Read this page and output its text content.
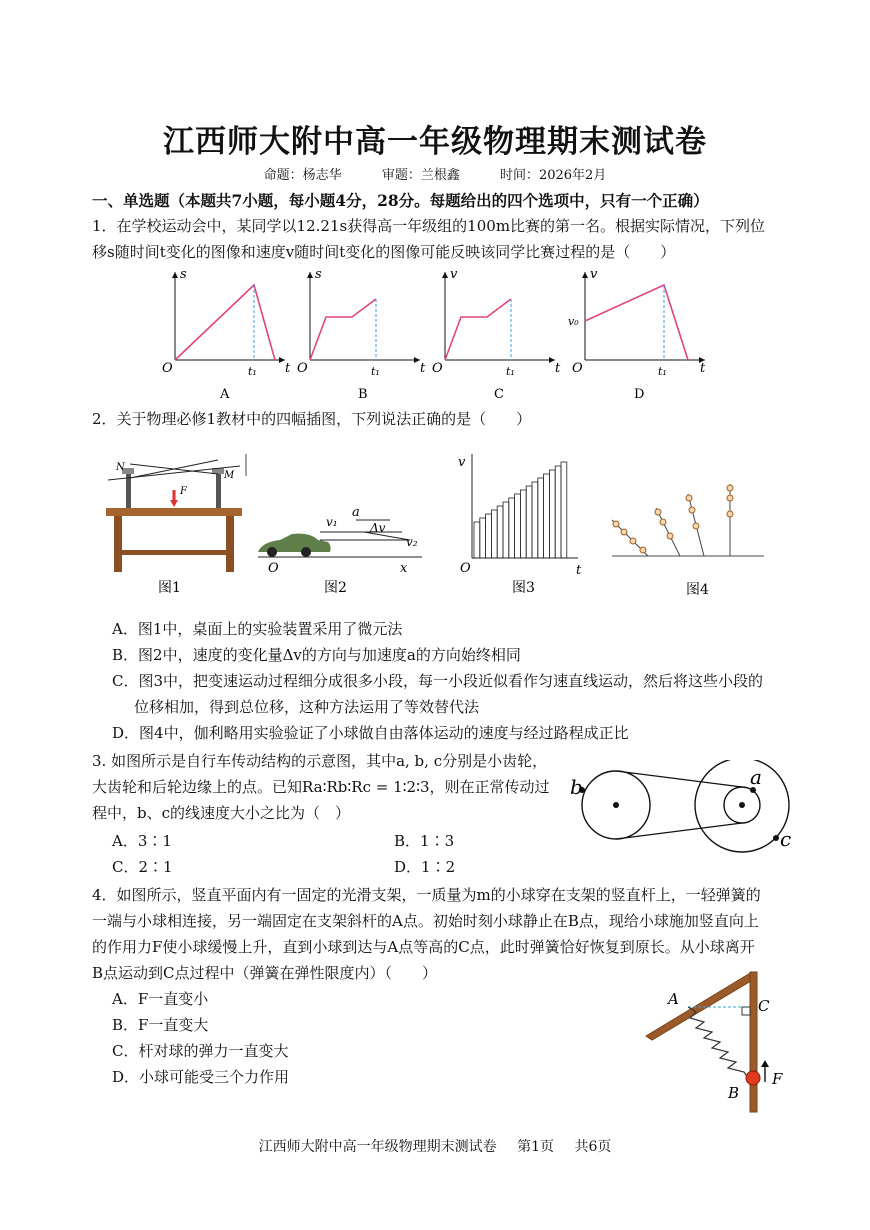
江西师大附中高一年级物理期末测试卷
命题：杨志华	审题：兰根鑫	时间：2026年2月
一、单选题（本题共7小题，每小题4分，28分。每题给出的四个选项中，只有一个正确）
1．在学校运动会中，某同学以12.21s获得高一年级组的100m比赛的第一名。根据实际情况，下列位
移s随时间t变化的图像和速度v随时间t变化的图像可能反映该同学比赛过程的是（　　）
O
s
t₁ t
A
O
s
t₁	t
B
O
v
t₁	t
C
O
v
v₀
t₁	t
D
2．关于物理必修1教材中的四幅插图，下列说法正确的是（　　）
N
M
F
图1
O	x
a
v₁	Δv
v₂
图2
v
O	t
图3	图4
A．图1中，桌面上的实验装置采用了微元法
B．图2中，速度的变化量Δv的方向与加速度a的方向始终相同
C．图3中，把变速运动过程细分成很多小段，每一小段近似看作匀速直线运动，然后将这些小段的
位移相加，得到总位移，这种方法运用了等效替代法
D．图4中，伽利略用实验验证了小球做自由落体运动的速度与经过路程成正比
3. 如图所示是自行车传动结构的示意图，其中a, b, c分别是小齿轮，
大齿轮和后轮边缘上的点。已知Ra∶Rb∶Rc = 1∶2∶3，则在正常传动过
程中，b、c的线速度大小之比为（　）
A．3∶1	B．1∶3
C．2∶1	D．1∶2
a
b
c
4．如图所示，竖直平面内有一固定的光滑支架，一质量为m的小球穿在支架的竖直杆上，一轻弹簧的
一端与小球相连接，另一端固定在支架斜杆的A点。初始时刻小球静止在B点，现给小球施加竖直向上
的作用力F使小球缓慢上升，直到小球到达与A点等高的C点，此时弹簧恰好恢复到原长。从小球离开
B点运动到C点过程中（弹簧在弹性限度内）（　　）
A．F一直变小
B．F一直变大
C．杆对球的弹力一直变大
D．小球可能受三个力作用
A	C
B
F
江西师大附中高一年级物理期末测试卷 第1页 共6页
